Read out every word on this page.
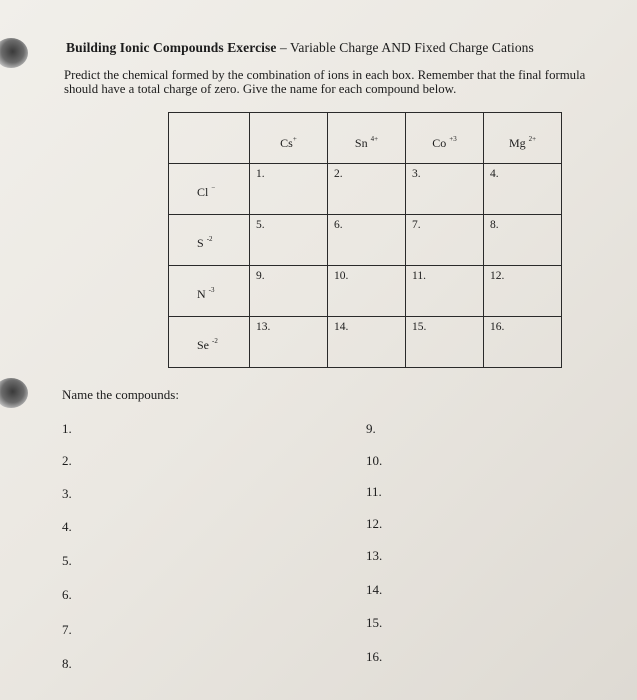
Building Ionic Compounds Exercise – Variable Charge AND Fixed Charge Cations
Predict the chemical formed by the combination of ions in each box. Remember that the final formula should have a total charge of zero. Give the name for each compound below.

	Cs+	Sn $^{4+}$	Co $^{+3}$	Mg $^{2+}$

Cl −	1.	2.	3.	4.

S $^{-2}$	5.	6.	7.	8.

N $^{-3}$	9.	10.	11.	12.

Se $^{-2}$	13.	14.	15.	16.
Name the compounds:
1.
2.
3.
4.
5.
6.
7.
8.
9.
10.
11.
12.
13.
14.
15.
16.
